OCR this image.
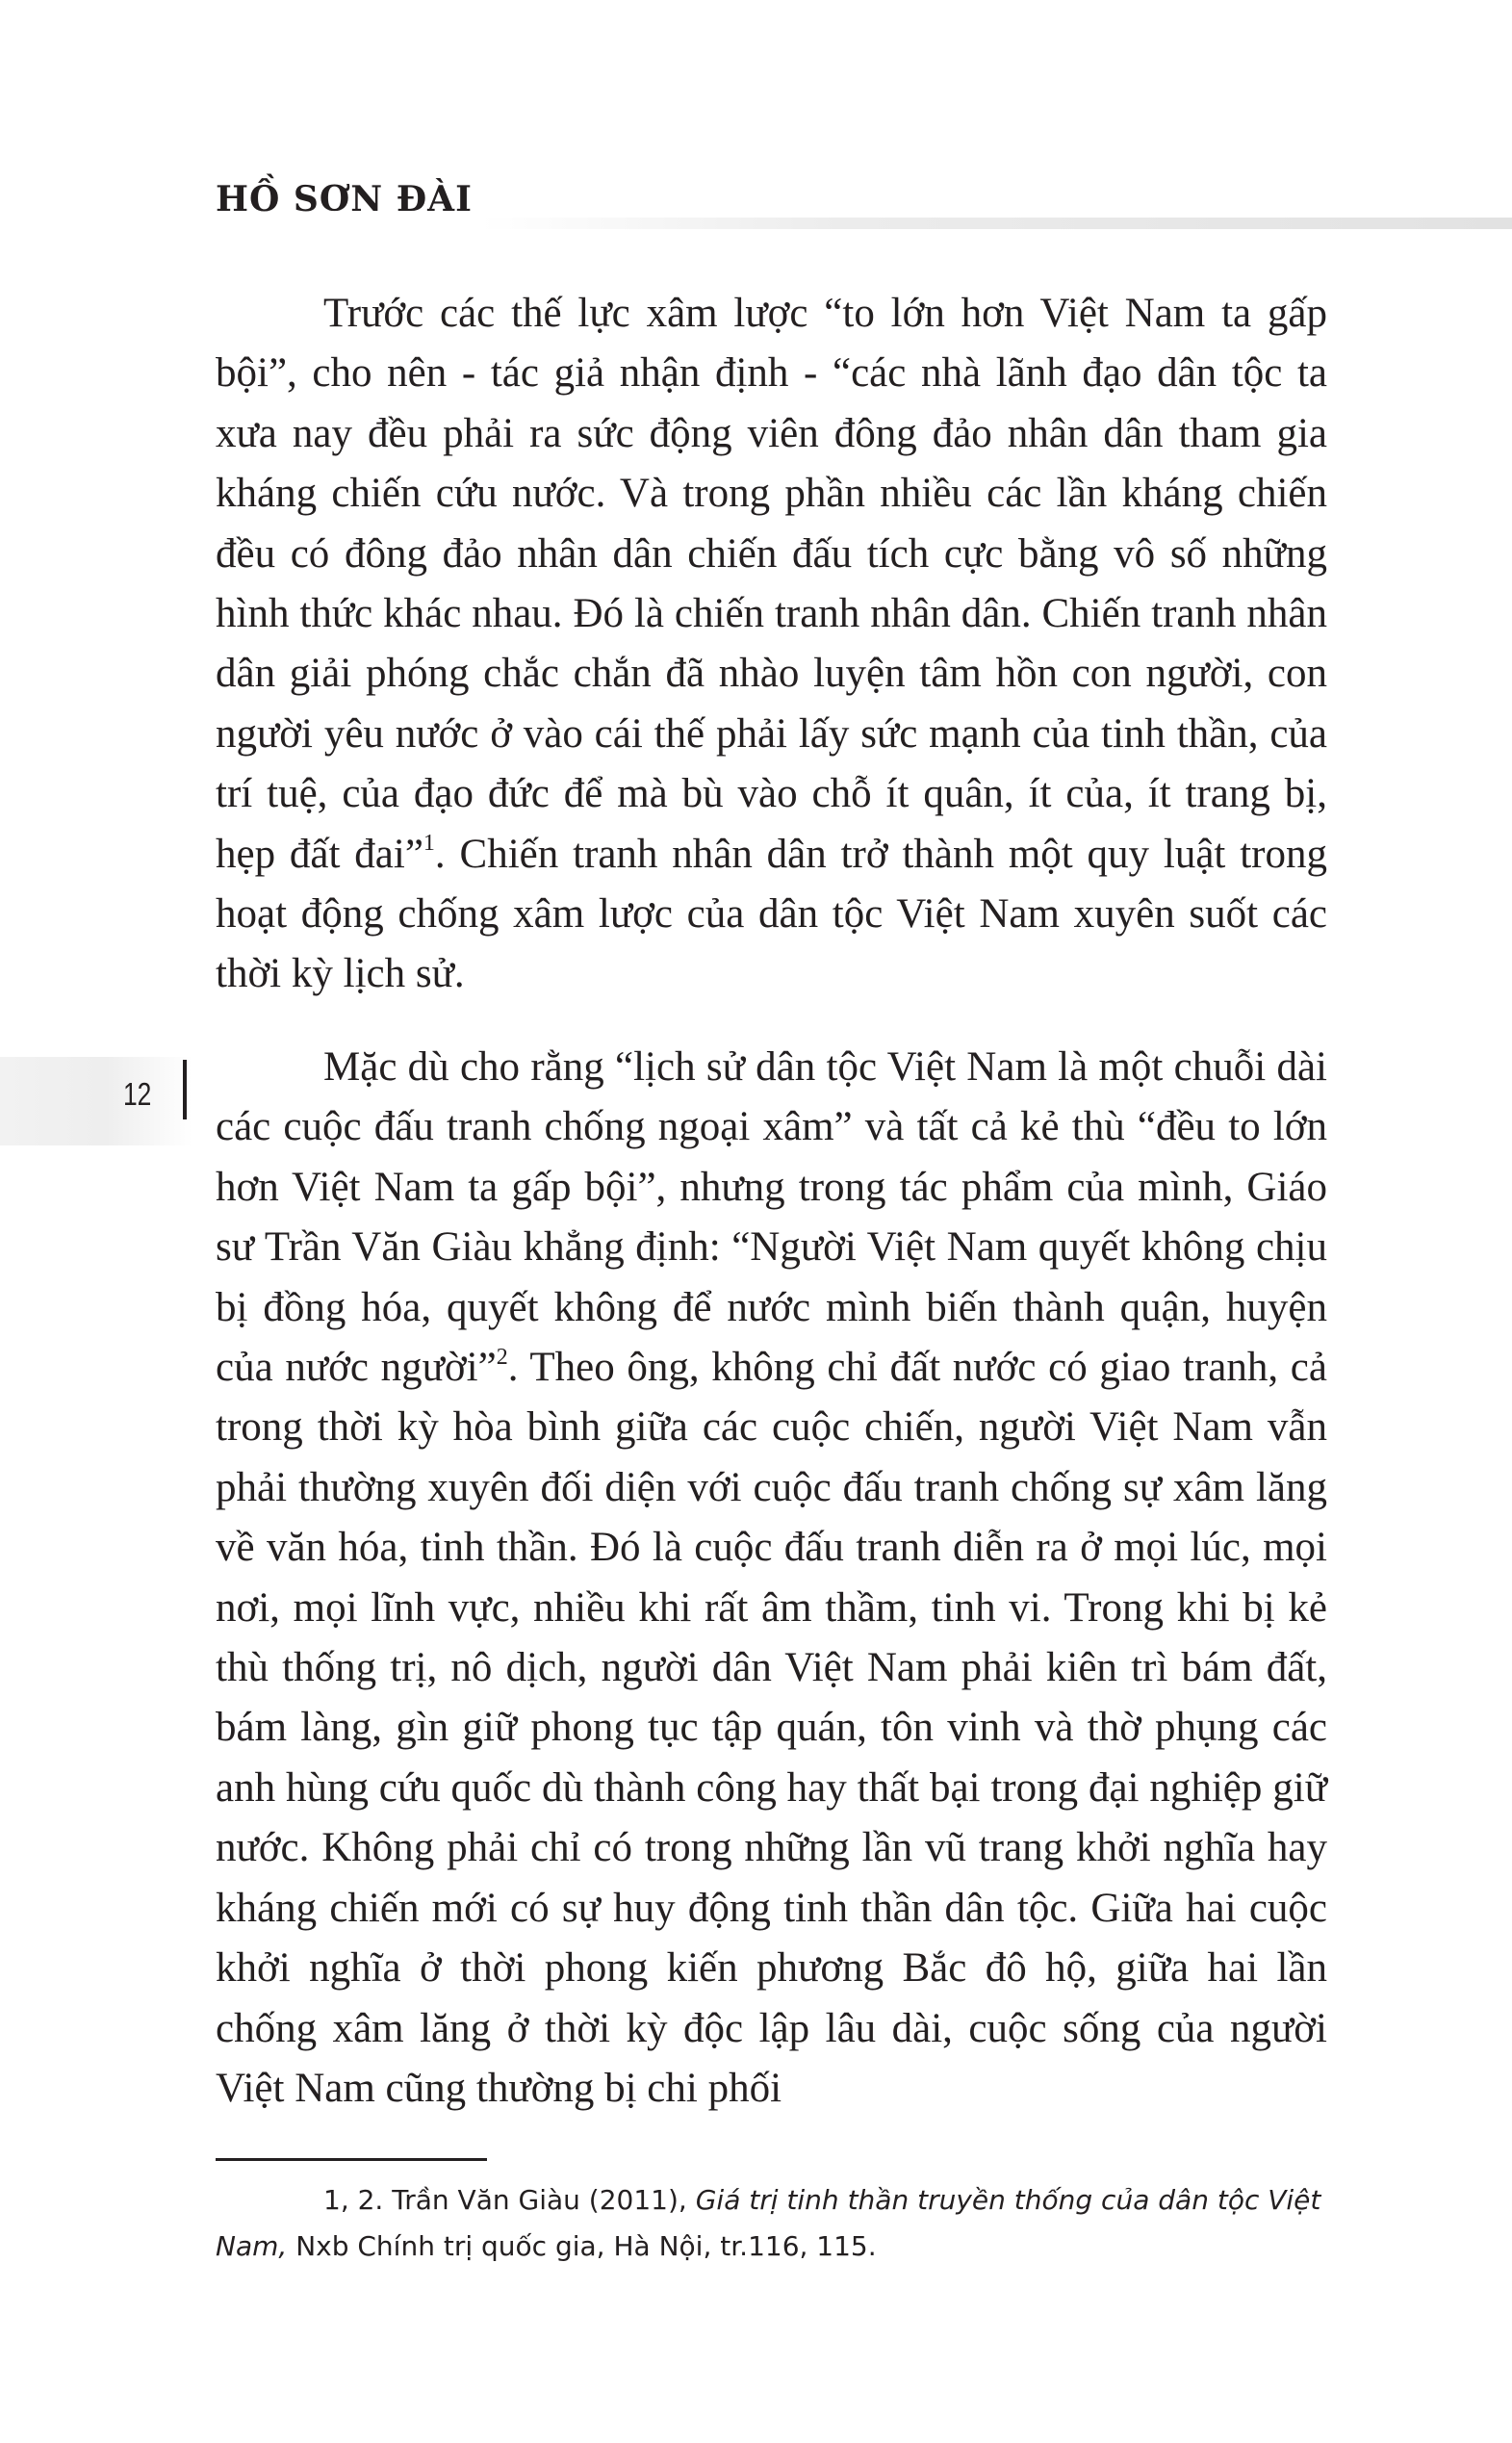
HỒ SƠN ĐÀI
12

Trước các thế lực xâm lược “to lớn hơn Việt Nam ta gấp bội”, cho nên - tác giả nhận định - “các nhà lãnh đạo dân tộc ta xưa nay đều phải ra sức động viên đông đảo nhân dân tham gia kháng chiến cứu nước. Và trong phần nhiều các lần kháng chiến đều có đông đảo nhân dân chiến đấu tích cực bằng vô số những hình thức khác nhau. Đó là chiến tranh nhân dân. Chiến tranh nhân dân giải phóng chắc chắn đã nhào luyện tâm hồn con người, con người yêu nước ở vào cái thế phải lấy sức mạnh của tinh thần, của trí tuệ, của đạo đức để mà bù vào chỗ ít quân, ít của, ít trang bị, hẹp đất đai”$^1$. Chiến tranh nhân dân trở thành một quy luật trong hoạt động chống xâm lược của dân tộc Việt Nam xuyên suốt các thời kỳ lịch sử.

Mặc dù cho rằng “lịch sử dân tộc Việt Nam là một chuỗi dài các cuộc đấu tranh chống ngoại xâm” và tất cả kẻ thù “đều to lớn hơn Việt Nam ta gấp bội”, nhưng trong tác phẩm của mình, Giáo sư Trần Văn Giàu khẳng định: “Người Việt Nam quyết không chịu bị đồng hóa, quyết không để nước mình biến thành quận, huyện của nước người”$^2$. Theo ông, không chỉ đất nước có giao tranh, cả trong thời kỳ hòa bình giữa các cuộc chiến, người Việt Nam vẫn phải thường xuyên đối diện với cuộc đấu tranh chống sự xâm lăng về văn hóa, tinh thần. Đó là cuộc đấu tranh diễn ra ở mọi lúc, mọi nơi, mọi lĩnh vực, nhiều khi rất âm thầm, tinh vi. Trong khi bị kẻ thù thống trị, nô dịch, người dân Việt Nam phải kiên trì bám đất, bám làng, gìn giữ phong tục tập quán, tôn vinh và thờ phụng các anh hùng cứu quốc dù thành công hay thất bại trong đại nghiệp giữ nước. Không phải chỉ có trong những lần vũ trang khởi nghĩa hay kháng chiến mới có sự huy động tinh thần dân tộc. Giữa hai cuộc khởi nghĩa ở thời phong kiến phương Bắc đô hộ, giữa hai lần chống xâm lăng ở thời kỳ độc lập lâu dài, cuộc sống của người Việt Nam cũng thường bị chi phối

1, 2. Trần Văn Giàu (2011), Giá trị tinh thần truyền thống của dân tộc Việt Nam, Nxb Chính trị quốc gia, Hà Nội, tr.116, 115.
